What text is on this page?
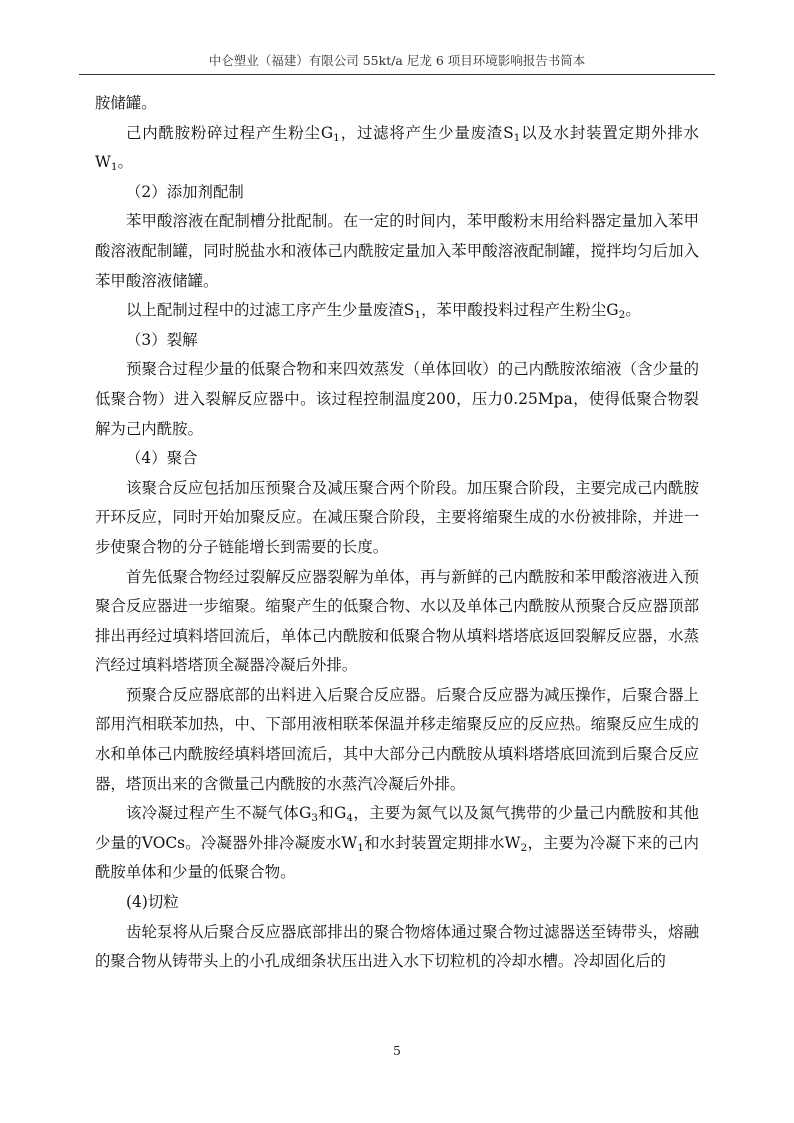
中仑塑业（福建）有限公司 55kt/a 尼龙 6 项目环境影响报告书简本

胺储罐。

己内酰胺粉碎过程产生粉尘$G_1$，过滤将产生少量废渣$S_1$以及水封装置定期外排水$W_1$。

（2）添加剂配制

苯甲酸溶液在配制槽分批配制。在一定的时间内，苯甲酸粉末用给料器定量加入苯甲酸溶液配制罐，同时脱盐水和液体己内酰胺定量加入苯甲酸溶液配制罐，搅拌均匀后加入苯甲酸溶液储罐。

以上配制过程中的过滤工序产生少量废渣$S_1$，苯甲酸投料过程产生粉尘$G_2$。

（3）裂解

预聚合过程少量的低聚合物和来四效蒸发（单体回收）的己内酰胺浓缩液（含少量的低聚合物）进入裂解反应器中。该过程控制温度200，压力0.25Mpa，使得低聚合物裂解为己内酰胺。

（4）聚合

该聚合反应包括加压预聚合及减压聚合两个阶段。加压聚合阶段，主要完成己内酰胺开环反应，同时开始加聚反应。在减压聚合阶段，主要将缩聚生成的水份被排除，并进一步使聚合物的分子链能增长到需要的长度。

首先低聚合物经过裂解反应器裂解为单体，再与新鲜的己内酰胺和苯甲酸溶液进入预聚合反应器进一步缩聚。缩聚产生的低聚合物、水以及单体己内酰胺从预聚合反应器顶部排出再经过填料塔回流后，单体己内酰胺和低聚合物从填料塔塔底返回裂解反应器，水蒸汽经过填料塔塔顶全凝器冷凝后外排。

预聚合反应器底部的出料进入后聚合反应器。后聚合反应器为减压操作，后聚合器上部用汽相联苯加热，中、下部用液相联苯保温并移走缩聚反应的反应热。缩聚反应生成的水和单体己内酰胺经填料塔回流后，其中大部分己内酰胺从填料塔塔底回流到后聚合反应器，塔顶出来的含微量己内酰胺的水蒸汽冷凝后外排。

该冷凝过程产生不凝气体$G_3$和$G_4$，主要为氮气以及氮气携带的少量己内酰胺和其他少量的VOCs。冷凝器外排冷凝废水$W_1$和水封装置定期排水$W_2$，主要为冷凝下来的己内酰胺单体和少量的低聚合物。

(4)切粒

齿轮泵将从后聚合反应器底部排出的聚合物熔体通过聚合物过滤器送至铸带头，熔融的聚合物从铸带头上的小孔成细条状压出进入水下切粒机的冷却水槽。冷却固化后的

5
